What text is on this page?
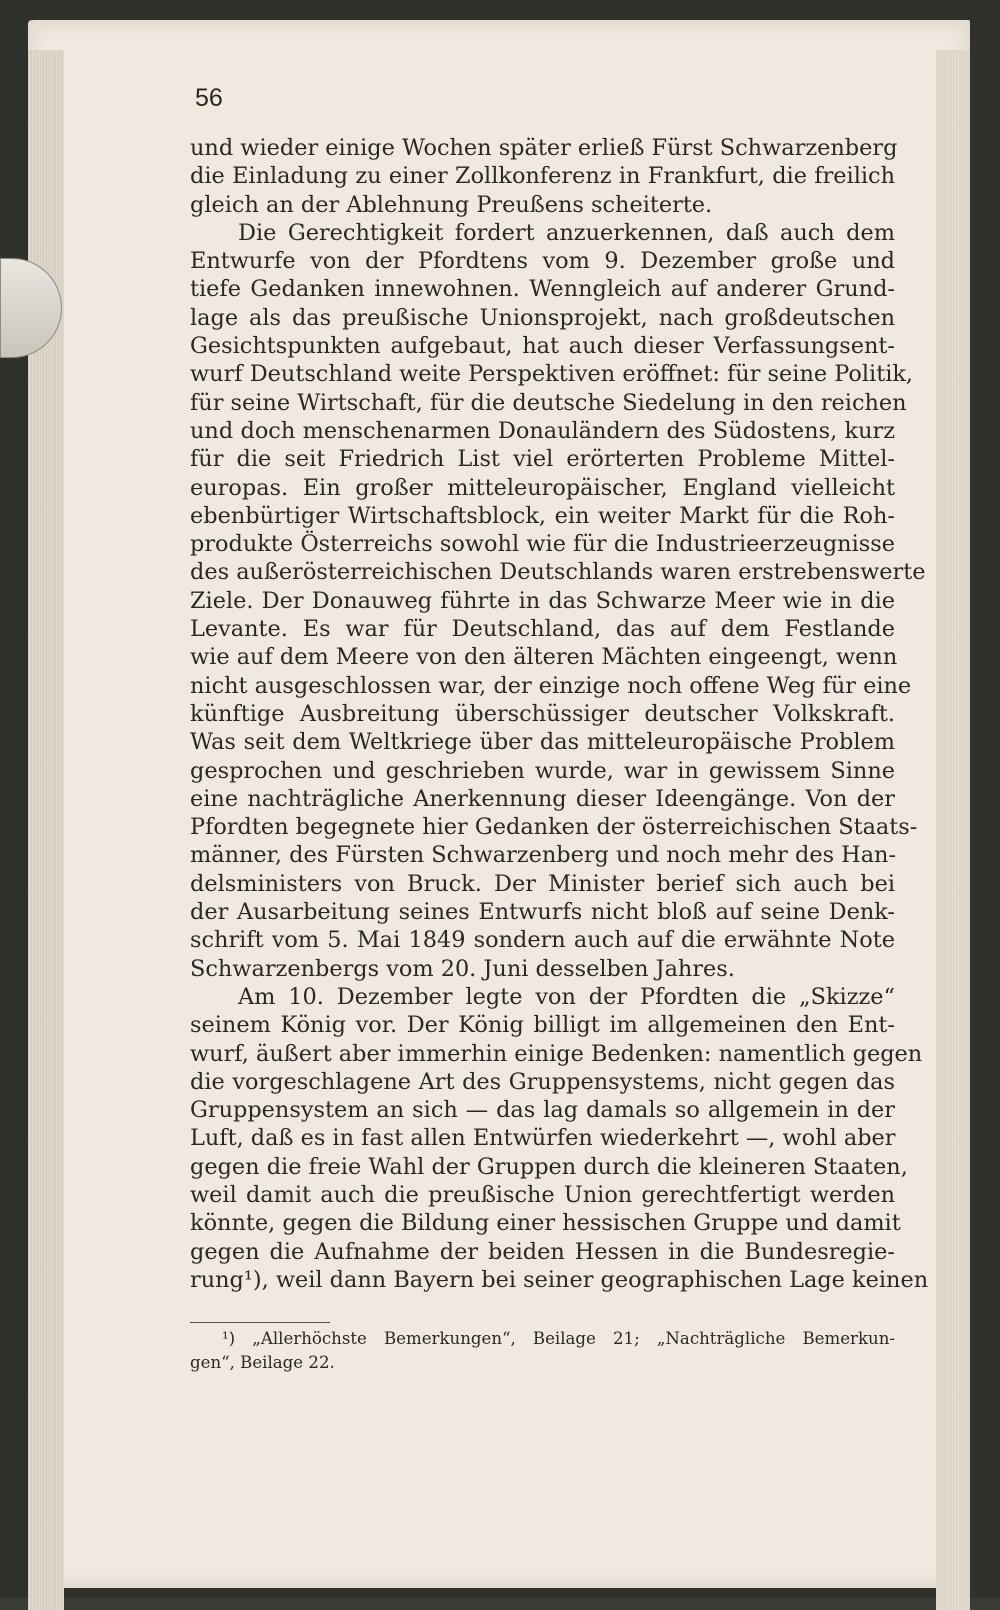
56
und wieder einige Wochen später erließ Fürst Schwarzenberg
die Einladung zu einer Zollkonferenz in Frankfurt, die freilich
gleich an der Ablehnung Preußens scheiterte.
Die Gerechtigkeit fordert anzuerkennen, daß auch dem
Entwurfe von der Pfordtens vom 9. Dezember große und
tiefe Gedanken innewohnen. Wenngleich auf anderer Grund-
lage als das preußische Unionsprojekt, nach großdeutschen
Gesichtspunkten aufgebaut, hat auch dieser Verfassungsent-
wurf Deutschland weite Perspektiven eröffnet: für seine Politik,
für seine Wirtschaft, für die deutsche Siedelung in den reichen
und doch menschenarmen Donauländern des Südostens, kurz
für die seit Friedrich List viel erörterten Probleme Mittel-
europas. Ein großer mitteleuropäischer, England vielleicht
ebenbürtiger Wirtschaftsblock, ein weiter Markt für die Roh-
produkte Österreichs sowohl wie für die Industrieerzeugnisse
des außerösterreichischen Deutschlands waren erstrebenswerte
Ziele. Der Donauweg führte in das Schwarze Meer wie in die
Levante. Es war für Deutschland, das auf dem Festlande
wie auf dem Meere von den älteren Mächten eingeengt, wenn
nicht ausgeschlossen war, der einzige noch offene Weg für eine
künftige Ausbreitung überschüssiger deutscher Volkskraft.
Was seit dem Weltkriege über das mitteleuropäische Problem
gesprochen und geschrieben wurde, war in gewissem Sinne
eine nachträgliche Anerkennung dieser Ideengänge. Von der
Pfordten begegnete hier Gedanken der österreichischen Staats-
männer, des Fürsten Schwarzenberg und noch mehr des Han-
delsministers von Bruck. Der Minister berief sich auch bei
der Ausarbeitung seines Entwurfs nicht bloß auf seine Denk-
schrift vom 5. Mai 1849 sondern auch auf die erwähnte Note
Schwarzenbergs vom 20. Juni desselben Jahres.
Am 10. Dezember legte von der Pfordten die „Skizze“
seinem König vor. Der König billigt im allgemeinen den Ent-
wurf, äußert aber immerhin einige Bedenken: namentlich gegen
die vorgeschlagene Art des Gruppensystems, nicht gegen das
Gruppensystem an sich — das lag damals so allgemein in der
Luft, daß es in fast allen Entwürfen wiederkehrt —, wohl aber
gegen die freie Wahl der Gruppen durch die kleineren Staaten,
weil damit auch die preußische Union gerechtfertigt werden
könnte, gegen die Bildung einer hessischen Gruppe und damit
gegen die Aufnahme der beiden Hessen in die Bundesregie-
rung¹), weil dann Bayern bei seiner geographischen Lage keinen
¹) „Allerhöchste Bemerkungen“, Beilage 21; „Nachträgliche Bemerkun-
gen“, Beilage 22.
